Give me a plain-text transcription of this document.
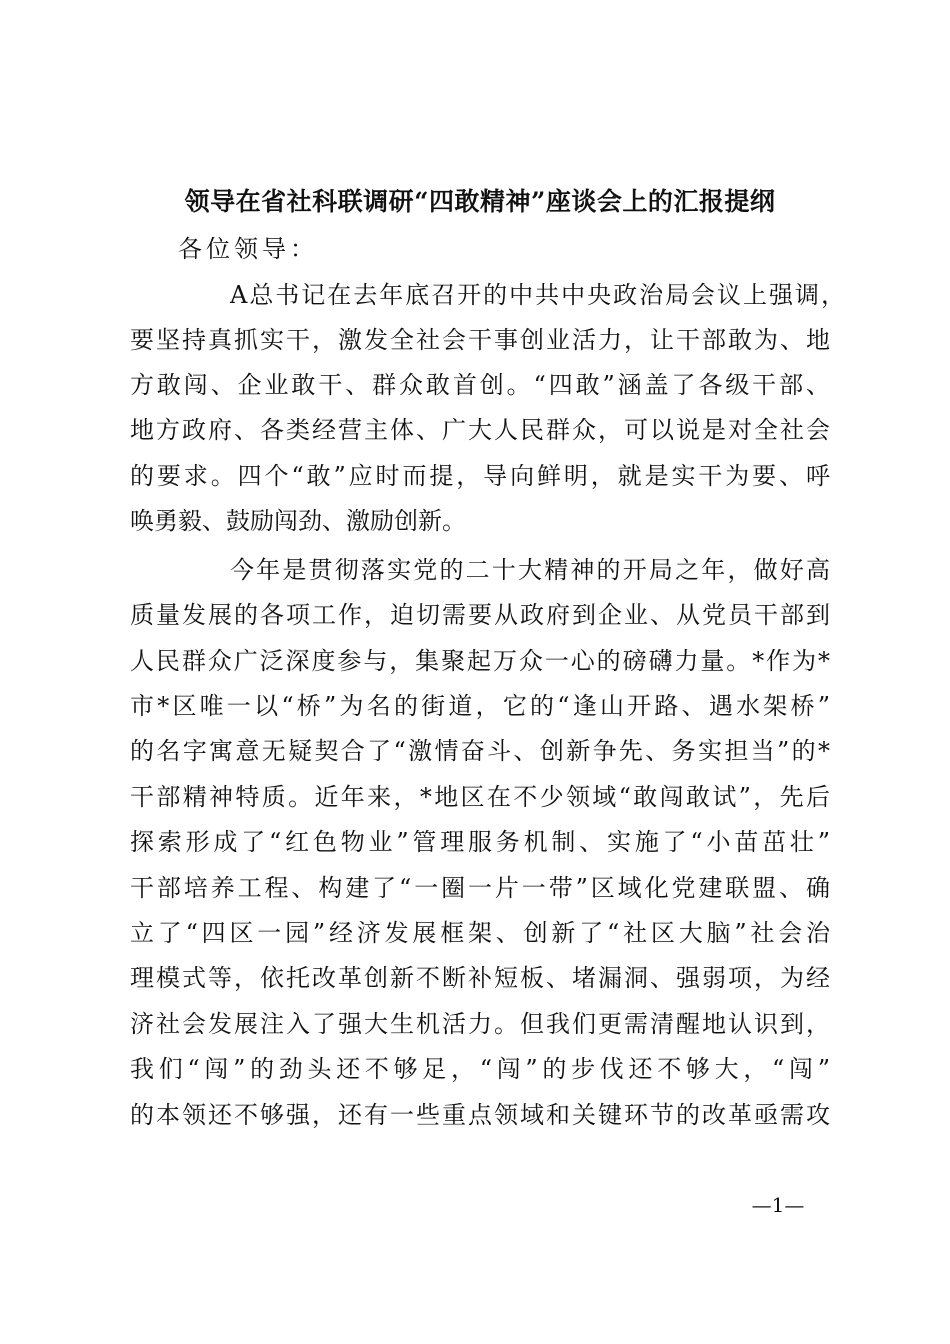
领导在省社科联调研“四敢精神”座谈会上的汇报提纲
各位领导：
A总书记在去年底召开的中共中央政治局会议上强调，
要坚持真抓实干，激发全社会干事创业活力，让干部敢为、地
方敢闯、企业敢干、群众敢首创。“四敢”涵盖了各级干部、
地方政府、各类经营主体、广大人民群众，可以说是对全社会
的要求。四个“敢”应时而提，导向鲜明，就是实干为要、呼
唤勇毅、鼓励闯劲、激励创新。
今年是贯彻落实党的二十大精神的开局之年，做好高
质量发展的各项工作，迫切需要从政府到企业、从党员干部到
人民群众广泛深度参与，集聚起万众一心的磅礴力量。*作为*
市*区唯一以“桥”为名的街道，它的“逢山开路、遇水架桥”
的名字寓意无疑契合了“激情奋斗、创新争先、务实担当”的*
干部精神特质。近年来，*地区在不少领域“敢闯敢试”，先后
探索形成了“红色物业”管理服务机制、实施了“小苗茁壮”
干部培养工程、构建了“一圈一片一带”区域化党建联盟、确
立了“四区一园”经济发展框架、创新了“社区大脑”社会治
理模式等，依托改革创新不断补短板、堵漏洞、强弱项，为经
济社会发展注入了强大生机活力。但我们更需清醒地认识到，
我们“闯”的劲头还不够足，“闯”的步伐还不够大，“闯”
的本领还不够强，还有一些重点领域和关键环节的改革亟需攻
—1—
